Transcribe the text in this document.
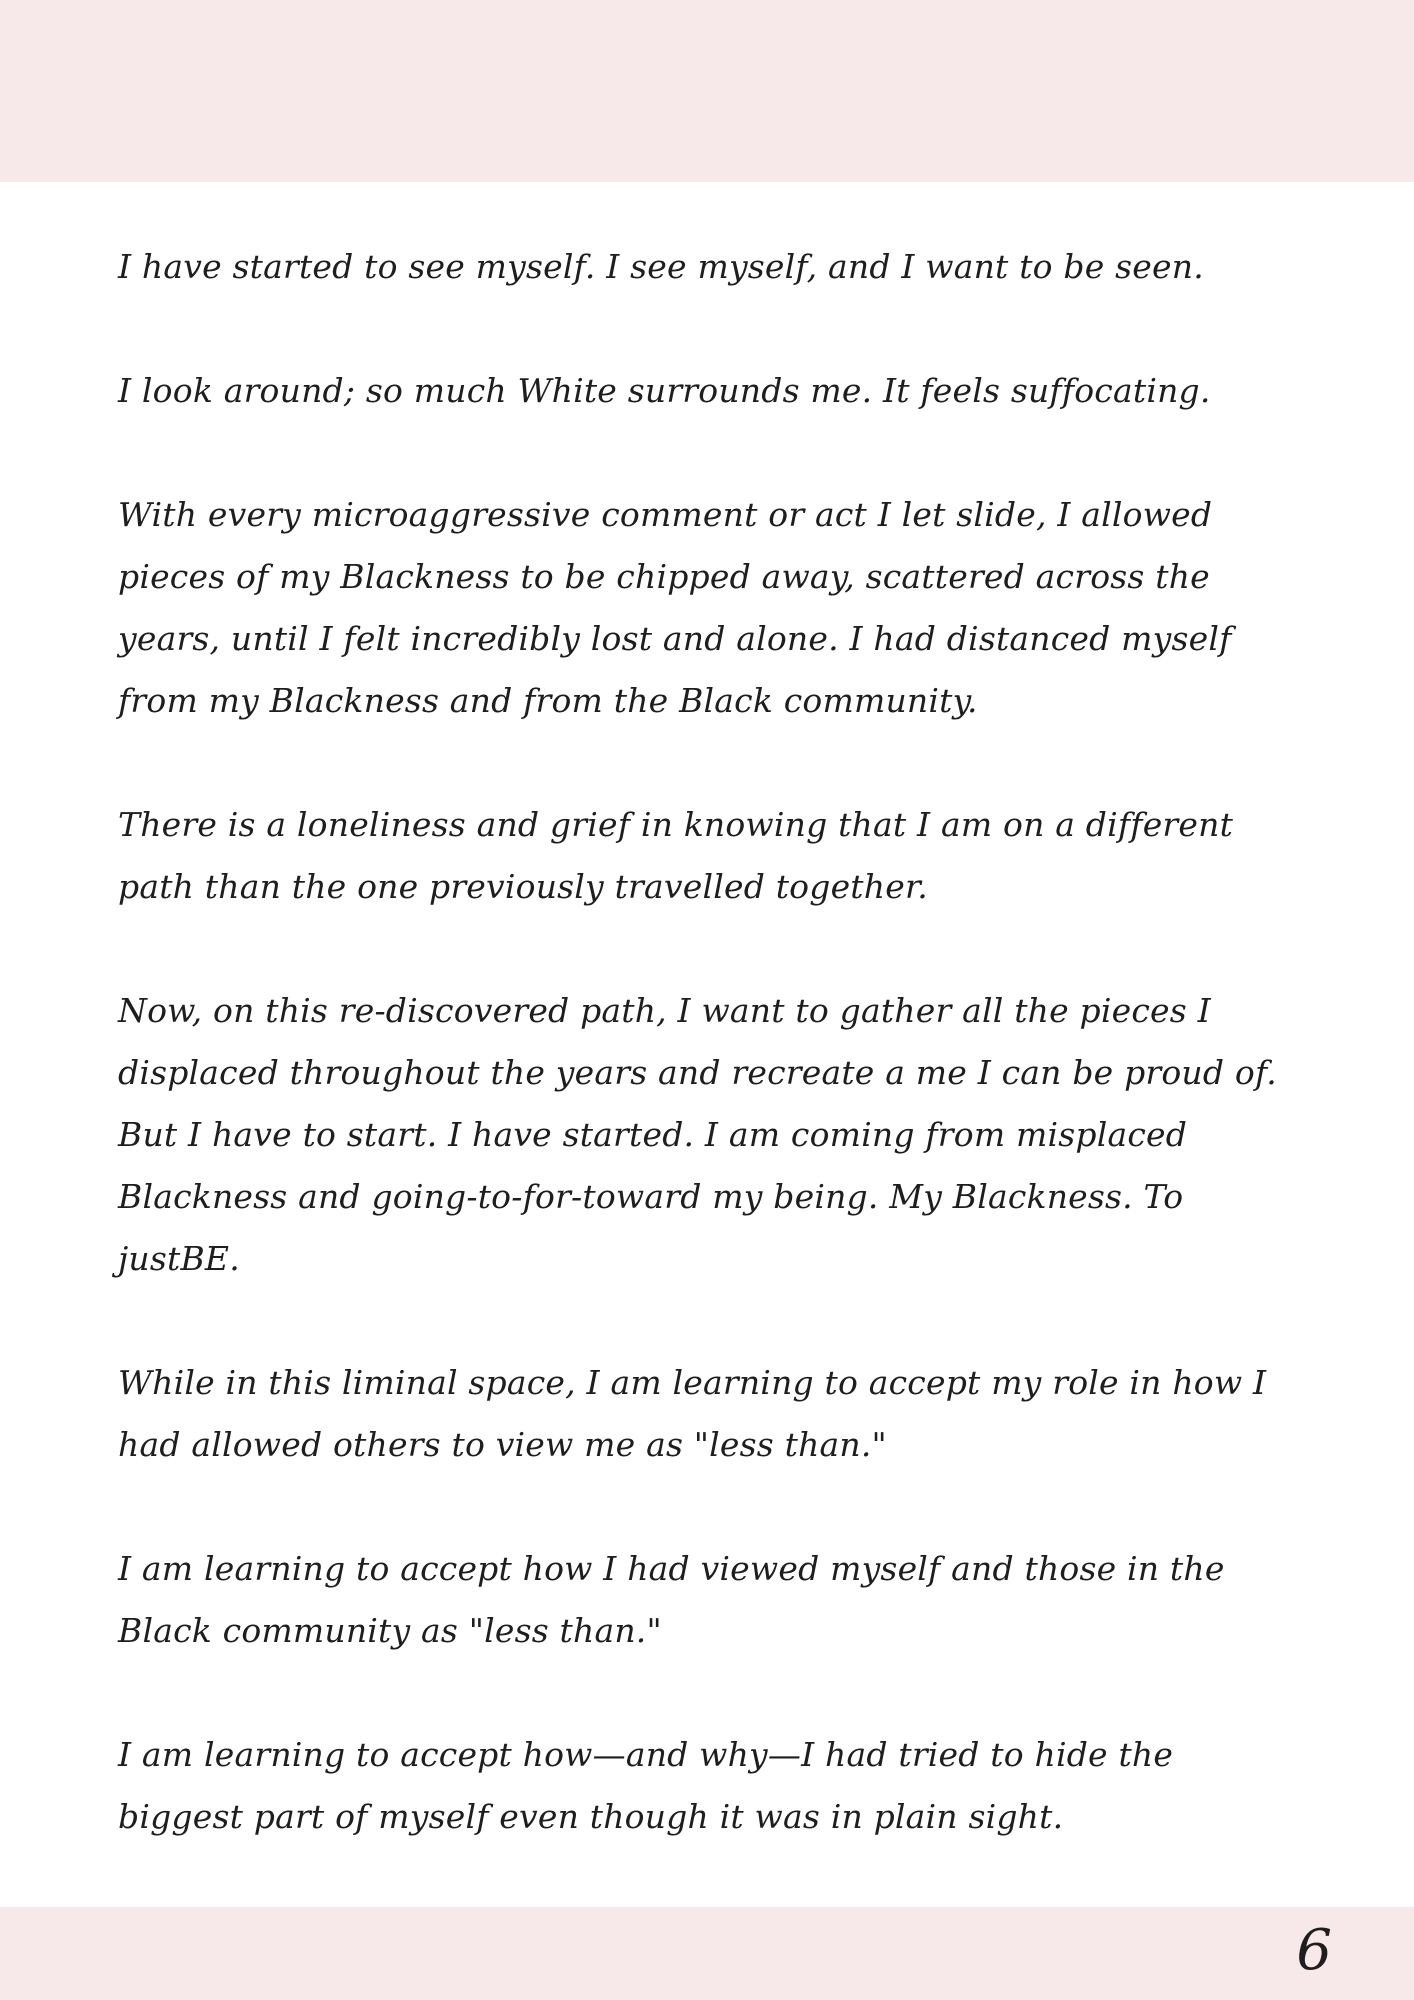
I have started to see myself. I see myself, and I want to be seen.

I look around; so much White surrounds me. It feels suffocating.

With every microaggressive comment or act I let slide, I allowed pieces of my Blackness to be chipped away, scattered across the years, until I felt incredibly lost and alone. I had distanced myself from my Blackness and from the Black community.

There is a loneliness and grief in knowing that I am on a different path than the one previously travelled together.

Now, on this re-discovered path, I want to gather all the pieces I displaced throughout the years and recreate a me I can be proud of. But I have to start. I have started. I am coming from misplaced Blackness and going-to-for-toward my being. My Blackness. To justBE.

While in this liminal space, I am learning to accept my role in how I had allowed others to view me as "less than."

I am learning to accept how I had viewed myself and those in the Black community as "less than."

I am learning to accept how—and why—I had tried to hide the biggest part of myself even though it was in plain sight.

6
